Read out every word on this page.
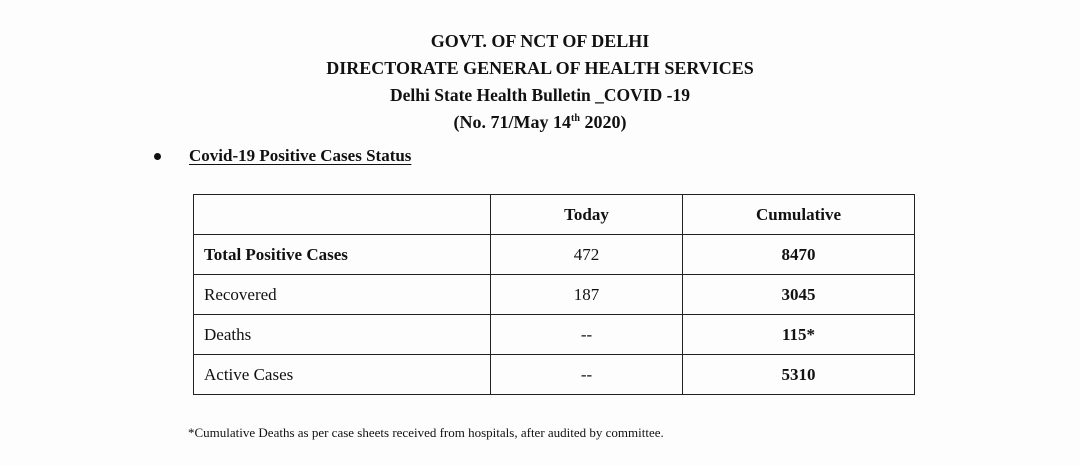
GOVT. OF NCT OF DELHI
DIRECTORATE GENERAL OF HEALTH SERVICES
Delhi State Health Bulletin _COVID -19
(No. 71/May 14th 2020)
Covid-19 Positive Cases Status
	Today	Cumulative
Total Positive Cases	472	8470
Recovered	187	3045
Deaths	--	115*
Active Cases	--	5310
*Cumulative Deaths as per case sheets received from hospitals, after audited by committee.
